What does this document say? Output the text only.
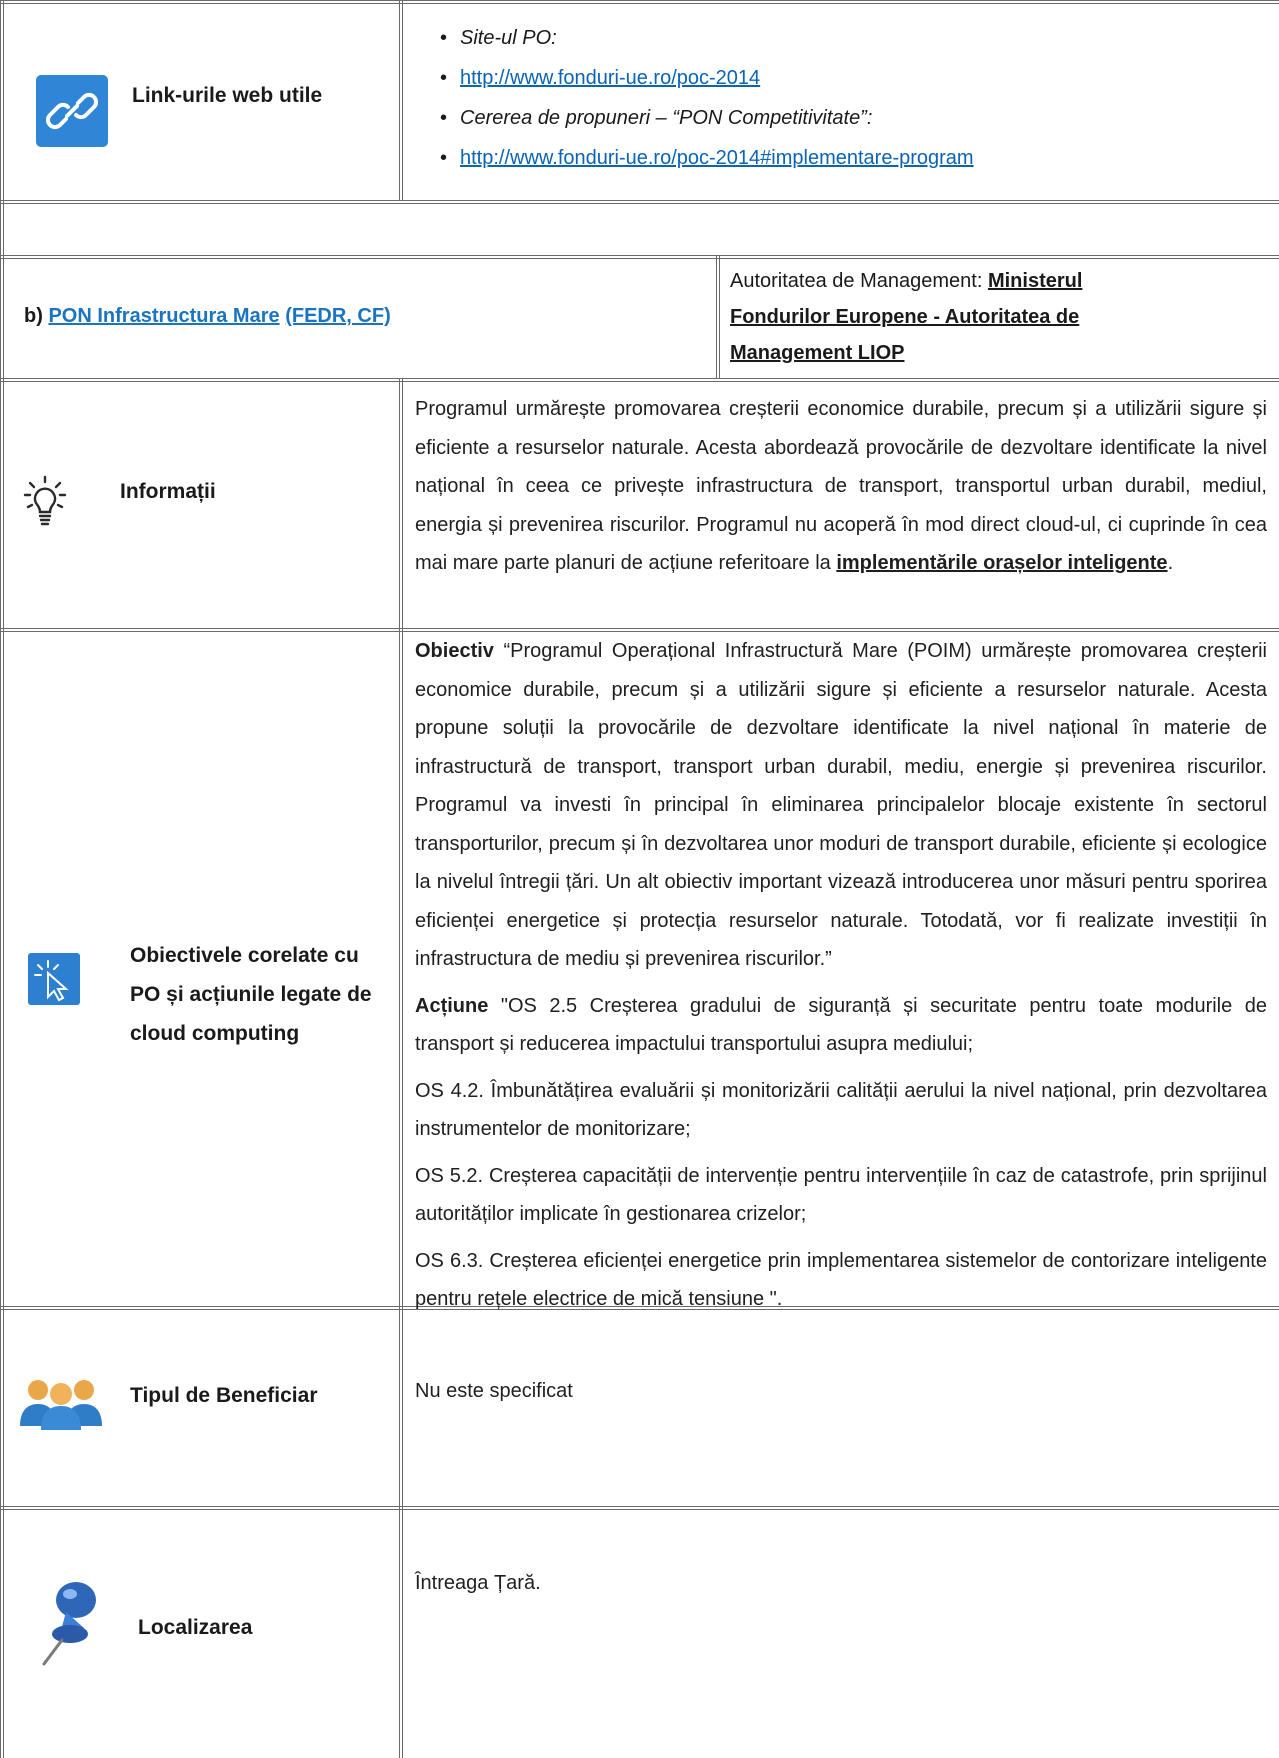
Link-urile web utile
• Site-ul PO:
• http://www.fonduri-ue.ro/poc-2014
• Cererea de propuneri – “PON Competitivitate”:
• http://www.fonduri-ue.ro/poc-2014#implementare-program
b) PON Infrastructura Mare (FEDR, CF)
Autoritatea de Management: Ministerul
Fondurilor Europene - Autoritatea de
Management LIOP
Informații
Programul urmărește promovarea creșterii economice durabile, precum și a utilizării sigure și eficiente a resurselor naturale. Acesta abordează provocările de dezvoltare identificate la nivel național în ceea ce privește infrastructura de transport, transportul urban durabil, mediul, energia și prevenirea riscurilor. Programul nu acoperă în mod direct cloud-ul, ci cuprinde în cea mai mare parte planuri de acțiune referitoare la implementările orașelor inteligente.
Obiectivele corelate cu PO și acțiunile legate de cloud computing

Obiectiv “Programul Operațional Infrastructură Mare (POIM) urmărește promovarea creșterii economice durabile, precum și a utilizării sigure și eficiente a resurselor naturale. Acesta propune soluții la provocările de dezvoltare identificate la nivel național în materie de infrastructură de transport, transport urban durabil, mediu, energie și prevenirea riscurilor. Programul va investi în principal în eliminarea principalelor blocaje existente în sectorul transporturilor, precum și în dezvoltarea unor moduri de transport durabile, eficiente și ecologice la nivelul întregii țări. Un alt obiectiv important vizează introducerea unor măsuri pentru sporirea eficienței energetice și protecția resurselor naturale. Totodată, vor fi realizate investiții în infrastructura de mediu și prevenirea riscurilor.”

Acțiune "OS 2.5 Creșterea gradului de siguranță și securitate pentru toate modurile de transport și reducerea impactului transportului asupra mediului;

OS 4.2. Îmbunătățirea evaluării și monitorizării calității aerului la nivel național, prin dezvoltarea instrumentelor de monitorizare;

OS 5.2. Creșterea capacității de intervenție pentru intervențiile în caz de catastrofe, prin sprijinul autorităților implicate în gestionarea crizelor;

OS 6.3. Creșterea eficienței energetice prin implementarea sistemelor de contorizare inteligente pentru rețele electrice de mică tensiune ".

Tipul de Beneficiar	Nu este specificat
Localizarea
Întreaga Țară.
